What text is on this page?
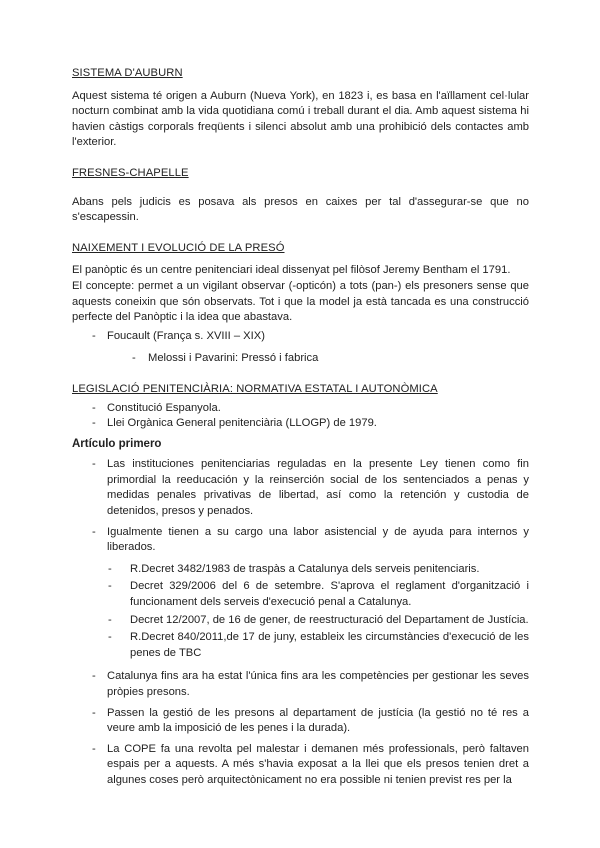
SISTEMA D'AUBURN

Aquest sistema té origen a Auburn (Nueva York), en 1823 i, es basa en l'aïllament cel·lular nocturn combinat amb la vida quotidiana comú i treball durant el dia. Amb aquest sistema hi havien càstigs corporals freqüents i silenci absolut amb una prohibició dels contactes amb l'exterior.

FRESNES-CHAPELLE

Abans pels judicis es posava als presos en caixes per tal d'assegurar-se que no s'escapessin.

NAIXEMENT I EVOLUCIÓ DE LA PRESÓ

El panòptic és un centre penitenciari ideal dissenyat pel filòsof Jeremy Bentham el 1791.

El concepte: permet a un vigilant observar (-opticón) a tots (pan-) els presoners sense que aquests coneixin que són observats. Tot i que la model ja està tancada es una construcció perfecte del Panòptic i la idea que abastava.

- Foucault (França s. XVIII – XIX)
- Melossi i Pavarini: Pressó i fabrica
LEGISLACIÓ PENITENCIÀRIA: NORMATIVA ESTATAL I AUTONÒMICA
- Constitució Espanyola.
- Llei Orgànica General penitenciària (LLOGP) de 1979.
Artículo primero
- Las instituciones penitenciarias reguladas en la presente Ley tienen como fin primordial la reeducación y la reinserción social de los sentenciados a penas y medidas penales privativas de libertad, así como la retención y custodia de detenidos, presos y penados.
- Igualmente tienen a su cargo una labor asistencial y de ayuda para internos y liberados.
- R.Decret 3482/1983 de traspàs a Catalunya dels serveis penitenciaris.
- Decret 329/2006 del 6 de setembre. S'aprova el reglament d'organització i funcionament dels serveis d'execució penal a Catalunya.
- Decret 12/2007, de 16 de gener, de reestructuració del Departament de Justícia.
- R.Decret 840/2011,de 17 de juny, estableix les circumstàncies d'execució de les penes de TBC
- Catalunya fins ara ha estat l'única fins ara les competències per gestionar les seves pròpies presons.
- Passen la gestió de les presons al departament de justícia (la gestió no té res a veure amb la imposició de les penes i la durada).
- La COPE fa una revolta pel malestar i demanen més professionals, però faltaven espais per a aquests. A més s'havia exposat a la llei que els presos tenien dret a algunes coses però arquitectònicament no era possible ni tenien previst res per la
